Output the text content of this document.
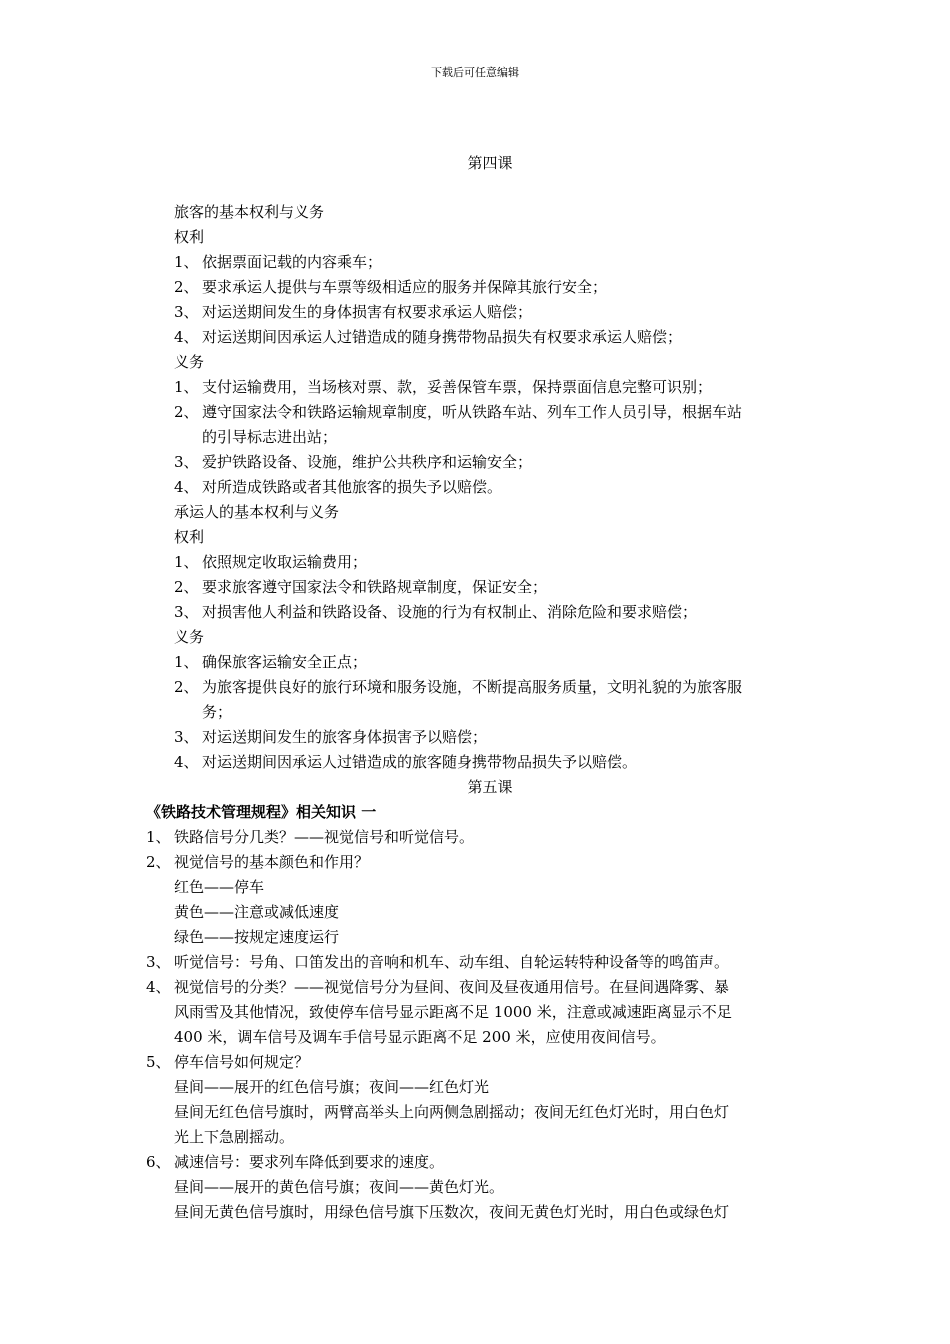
下载后可任意编辑
第四课
旅客的基本权利与义务
权利
1、 依据票面记载的内容乘车；
2、 要求承运人提供与车票等级相适应的服务并保障其旅行安全；
3、 对运送期间发生的身体损害有权要求承运人赔偿；
4、 对运送期间因承运人过错造成的随身携带物品损失有权要求承运人赔偿；
义务
1、 支付运输费用，当场核对票、款，妥善保管车票，保持票面信息完整可识别；
2、 遵守国家法令和铁路运输规章制度，听从铁路车站、列车工作人员引导，根据车站
的引导标志进出站；
3、 爱护铁路设备、设施，维护公共秩序和运输安全；
4、 对所造成铁路或者其他旅客的损失予以赔偿。
承运人的基本权利与义务
权利
1、 依照规定收取运输费用；
2、 要求旅客遵守国家法令和铁路规章制度，保证安全；
3、 对损害他人利益和铁路设备、设施的行为有权制止、消除危险和要求赔偿；
义务
1、 确保旅客运输安全正点；
2、 为旅客提供良好的旅行环境和服务设施，不断提高服务质量，文明礼貌的为旅客服
务；
3、 对运送期间发生的旅客身体损害予以赔偿；
4、 对运送期间因承运人过错造成的旅客随身携带物品损失予以赔偿。
第五课
《铁路技术管理规程》相关知识 一
1、 铁路信号分几类？——视觉信号和听觉信号。
2、 视觉信号的基本颜色和作用？
红色——停车
黄色——注意或减低速度
绿色——按规定速度运行
3、 听觉信号：号角、口笛发出的音响和机车、动车组、自轮运转特种设备等的鸣笛声。
4、 视觉信号的分类？——视觉信号分为昼间、夜间及昼夜通用信号。在昼间遇降雾、暴
风雨雪及其他情况，致使停车信号显示距离不足 1000 米，注意或减速距离显示不足
400 米，调车信号及调车手信号显示距离不足 200 米，应使用夜间信号。
5、 停车信号如何规定？
昼间——展开的红色信号旗；夜间——红色灯光
昼间无红色信号旗时，两臂高举头上向两侧急剧摇动；夜间无红色灯光时，用白色灯
光上下急剧摇动。
6、 减速信号：要求列车降低到要求的速度。
昼间——展开的黄色信号旗；夜间——黄色灯光。
昼间无黄色信号旗时，用绿色信号旗下压数次，夜间无黄色灯光时，用白色或绿色灯
